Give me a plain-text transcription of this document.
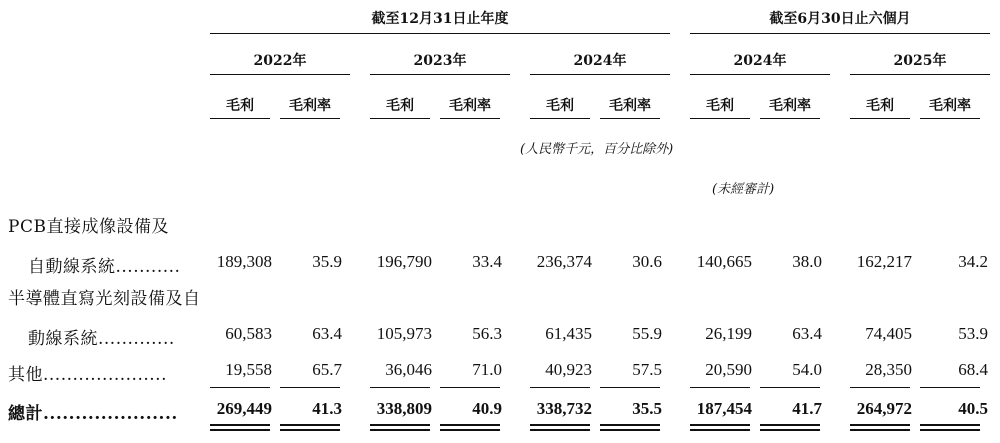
截至12月31日止年度	截至6月30日止六個月
2022年	2023年	2024年	2024年	2025年
毛利	毛利率	毛利	毛利率	毛利	毛利率	毛利	毛利率	毛利	毛利率
(人民幣千元，百分比除外)
(未經審計)
PCB直接成像設備及
自動線系統........... 189,308 35.9 196,790 33.4 236,374 30.6 140,665 38.0 162,217	34.2
半導體直寫光刻設備及自
動線系統.............	60,583 63.4 105,973 56.3	61,435 55.9	26,199 63.4	74,405	53.9
其他.....................	19,558 65.7	36,046 71.0	40,923 57.5	20,590 54.0	28,350	68.4
總計..................... 269,449 41.3 338,809 40.9 338,732 35.5 187,454 41.7 264,972	40.5
